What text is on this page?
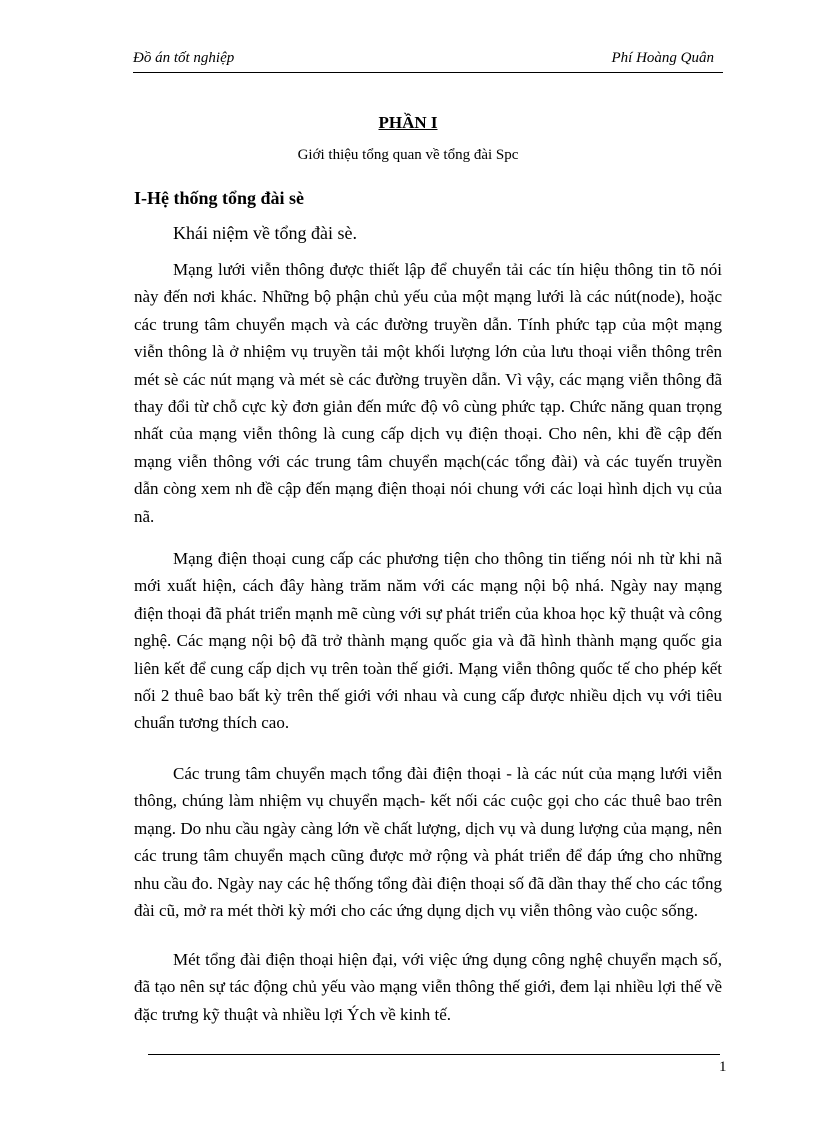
Đồ án tốt nghiệp	Phí Hoàng Quân
PHẦN I
Giới thiệu tổng quan về tổng đài Spc
I-Hệ thống tổng đài sè
Khái niệm về tổng đài sè.

Mạng lưới viễn thông được thiết lập để chuyển tải các tín hiệu thông tin tõ nói này đến nơi khác. Những bộ phận chủ yếu của một mạng lưới là các nút(node), hoặc các trung tâm chuyển mạch và các đường truyền dẫn. Tính phức tạp của một mạng viễn thông là ở nhiệm vụ truyền tải một khối lượng lớn của lưu thoại viễn thông trên mét sè các nút mạng và mét sè các đường truyền dẫn. Vì vậy, các mạng viễn thông đã thay đổi từ chỗ cực kỳ đơn giản đến mức độ vô cùng phức tạp. Chức năng quan trọng nhất của mạng viễn thông là cung cấp dịch vụ điện thoại. Cho nên, khi đề cập đến mạng viễn thông với các trung tâm chuyển mạch(các tổng đài) và các tuyến truyền dẫn còng xem nh đề cập đến mạng điện thoại nói chung với các loại hình dịch vụ của nã.

Mạng điện thoại cung cấp các phương tiện cho thông tin tiếng nói nh từ khi nã mới xuất hiện, cách đây hàng trăm năm với các mạng nội bộ nhá. Ngày nay mạng điện thoại đã phát triển mạnh mẽ cùng với sự phát triển của khoa học kỹ thuật và công nghệ. Các mạng nội bộ đã trở thành mạng quốc gia và đã hình thành mạng quốc gia liên kết để cung cấp dịch vụ trên toàn thế giới. Mạng viễn thông quốc tế cho phép kết nối 2 thuê bao bất kỳ trên thế giới với nhau và cung cấp được nhiều dịch vụ với tiêu chuẩn tương thích cao.

Các trung tâm chuyển mạch tổng đài điện thoại - là các nút của mạng lưới viễn thông, chúng làm nhiệm vụ chuyển mạch- kết nối các cuộc gọi cho các thuê bao trên mạng. Do nhu cầu ngày càng lớn về chất lượng, dịch vụ và dung lượng của mạng, nên các trung tâm chuyển mạch cũng được mở rộng và phát triển để đáp ứng cho những nhu cầu đo. Ngày nay các hệ thống tổng đài điện thoại số đã dần thay thế cho các tổng đài cũ, mở ra mét thời kỳ mới cho các ứng dụng dịch vụ viễn thông vào cuộc sống.

Mét tổng đài điện thoại hiện đại, với việc ứng dụng công nghệ chuyển mạch số, đã tạo nên sự tác động chủ yếu vào mạng viễn thông thế giới, đem lại nhiều lợi thế về đặc trưng kỹ thuật và nhiều lợi Ých về kinh tế.

1
